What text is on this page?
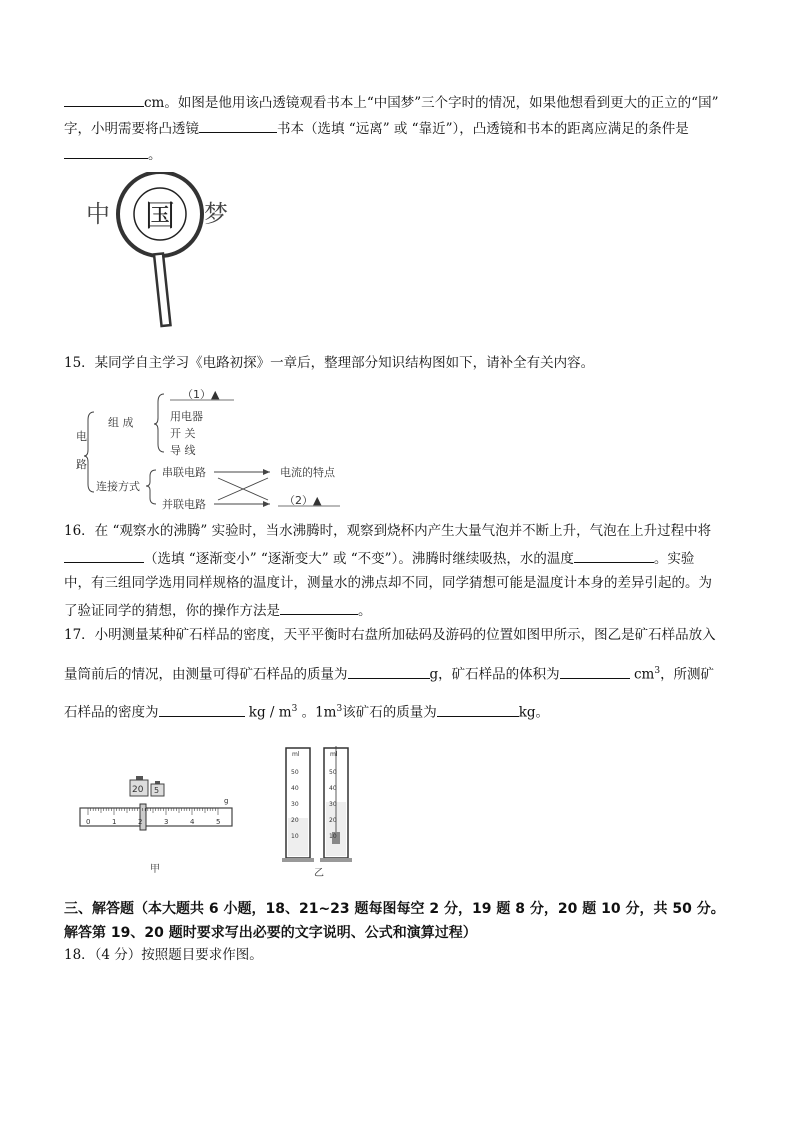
cm。如图是他用该凸透镜观看书本上“中国梦”三个字时的情况，如果他想看到更大的正立的“国”
字，小明需要将凸透镜	书本（选填 “远离” 或 “靠近”），凸透镜和书本的距离应满足的条件是
。
中 国 梦
15．某同学自主学习《电路初探》一章后，整理部分知识结构图如下，请补全有关内容。
电
路
组 成
（1）▲
用电器
开 关
导 线
连接方式
串联电路
并联电路
电流的特点
（2）▲
16．在 “观察水的沸腾” 实验时，当水沸腾时，观察到烧杯内产生大量气泡并不断上升，气泡在上升过程中将
（选填 “逐渐变小” “逐渐变大” 或 “不变”）。沸腾时继续吸热，水的温度	。实验
中，有三组同学选用同样规格的温度计，测量水的沸点却不同，同学猜想可能是温度计本身的差异引起的。为
了验证同学的猜想，你的操作方法是	。
17．小明测量某种矿石样品的密度，天平平衡时右盘所加砝码及游码的位置如图甲所示，图乙是矿石样品放入
量筒前后的情况，由测量可得矿石样品的质量为	g，矿石样品的体积为	$cm^3$，所测矿
石样品的密度为	kg / $m^3$ 。$1m^3$该矿石的质量为	kg。
20 5
0	1	2	3	4	5
g
甲
ml	ml
50
40
30
20
10
50
40
30
20
10
乙
三、解答题（本大题共 6 小题，18、21~23 题每图每空 2 分，19 题 8 分，20 题 10 分，共 50 分。
解答第 19、20 题时要求写出必要的文字说明、公式和演算过程）
18．（4 分）按照题目要求作图。
